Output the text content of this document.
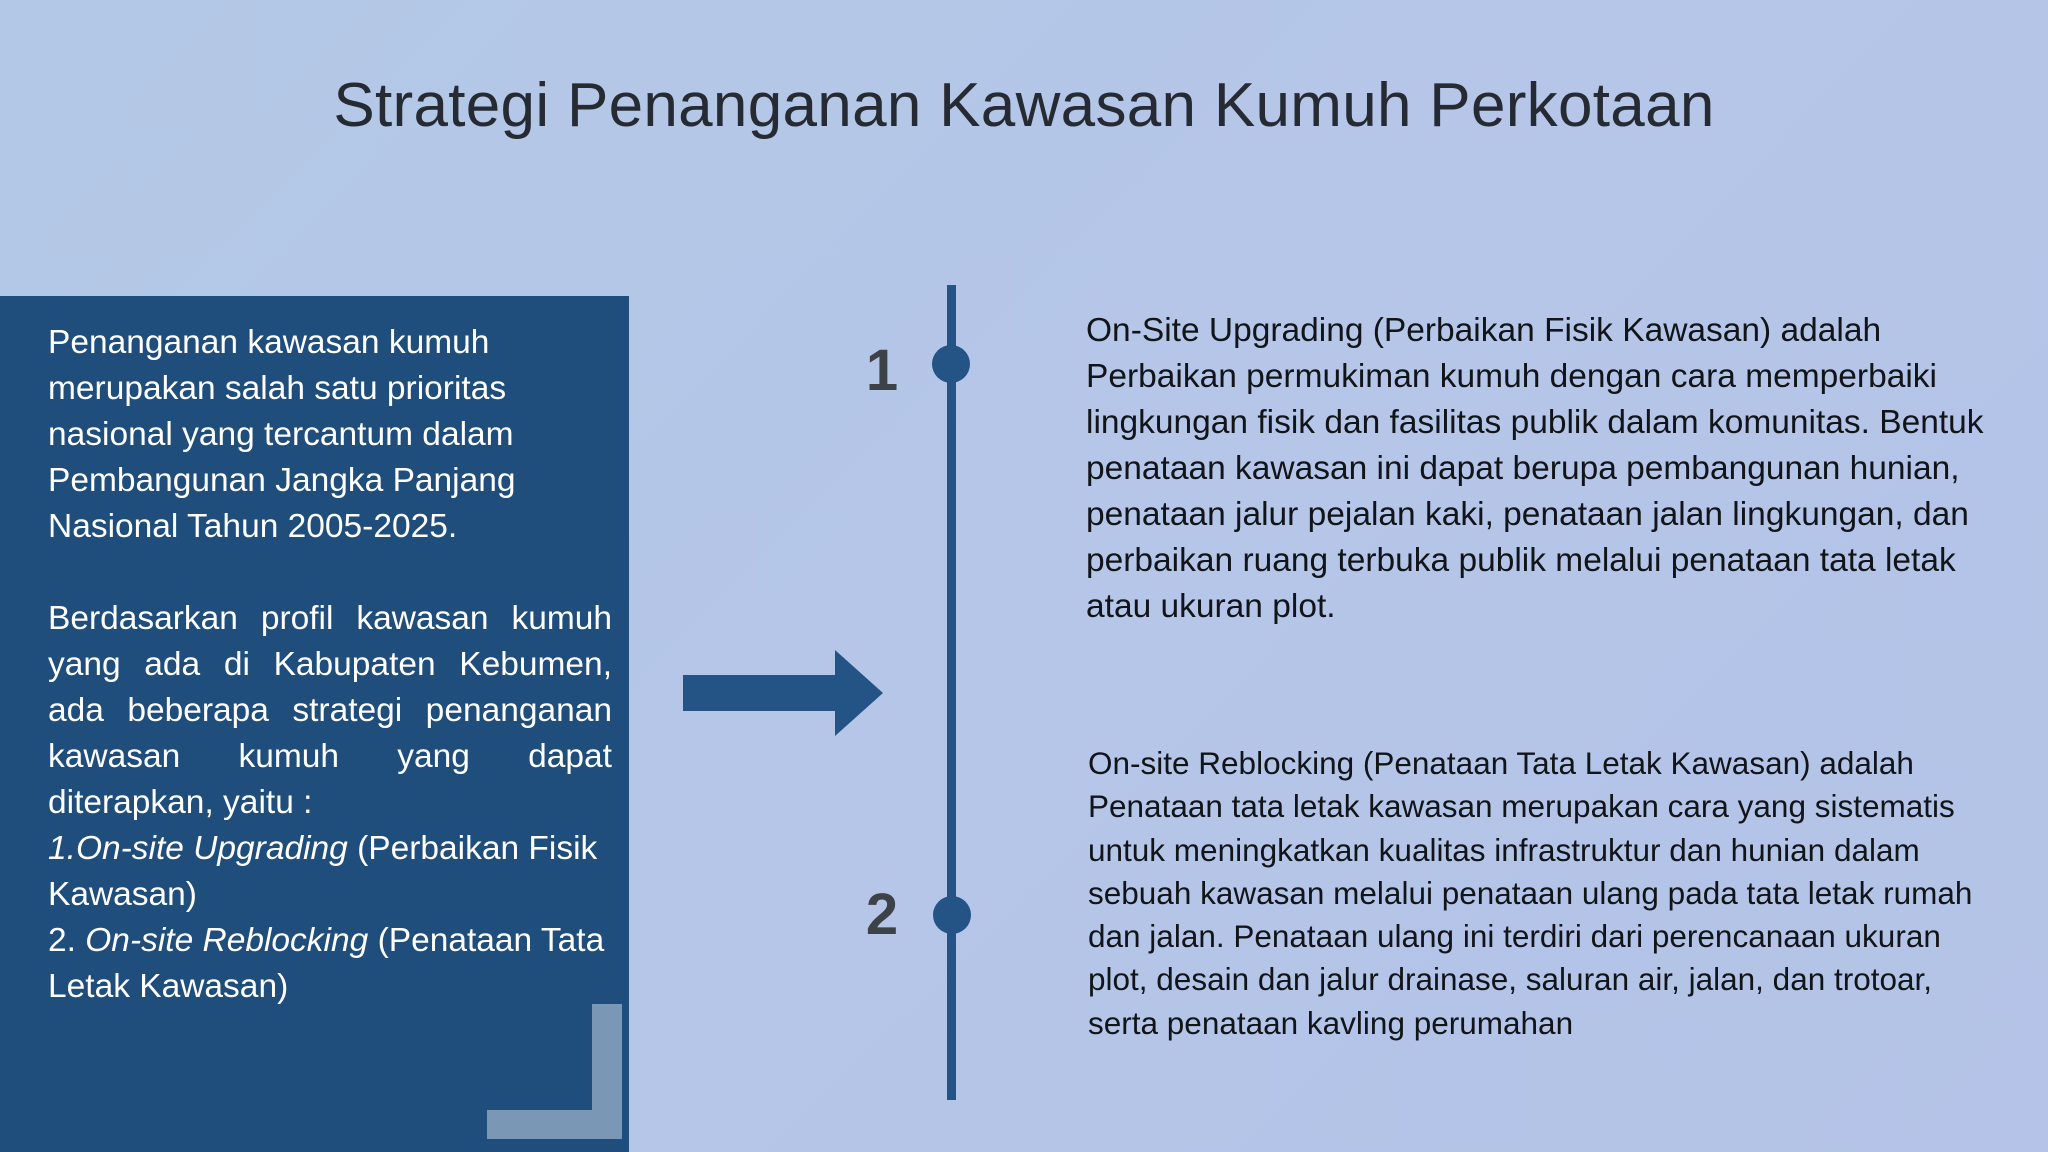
Strategi Penanganan Kawasan Kumuh Perkotaan

Penanganan kawasan kumuh merupakan salah satu prioritas nasional yang tercantum dalam Pembangunan Jangka Panjang Nasional Tahun 2005-2025.

Berdasarkan profil kawasan kumuh yang ada di Kabupaten Kebumen, ada beberapa strategi penanganan kawasan kumuh yang dapat diterapkan, yaitu :

1.On-site Upgrading (Perbaikan Fisik Kawasan)

2. On-site Reblocking (Penataan Tata Letak Kawasan)

1
2
On-Site Upgrading (Perbaikan Fisik Kawasan) adalah Perbaikan permukiman kumuh dengan cara memperbaiki lingkungan fisik dan fasilitas publik dalam komunitas. Bentuk penataan kawasan ini dapat berupa pembangunan hunian, penataan jalur pejalan kaki, penataan jalan lingkungan, dan perbaikan ruang terbuka publik melalui penataan tata letak atau ukuran plot.
On-site Reblocking (Penataan Tata Letak Kawasan) adalah Penataan tata letak kawasan merupakan cara yang sistematis untuk meningkatkan kualitas infrastruktur dan hunian dalam sebuah kawasan melalui penataan ulang pada tata letak rumah dan jalan. Penataan ulang ini terdiri dari perencanaan ukuran plot, desain dan jalur drainase, saluran air, jalan, dan trotoar, serta penataan kavling perumahan
